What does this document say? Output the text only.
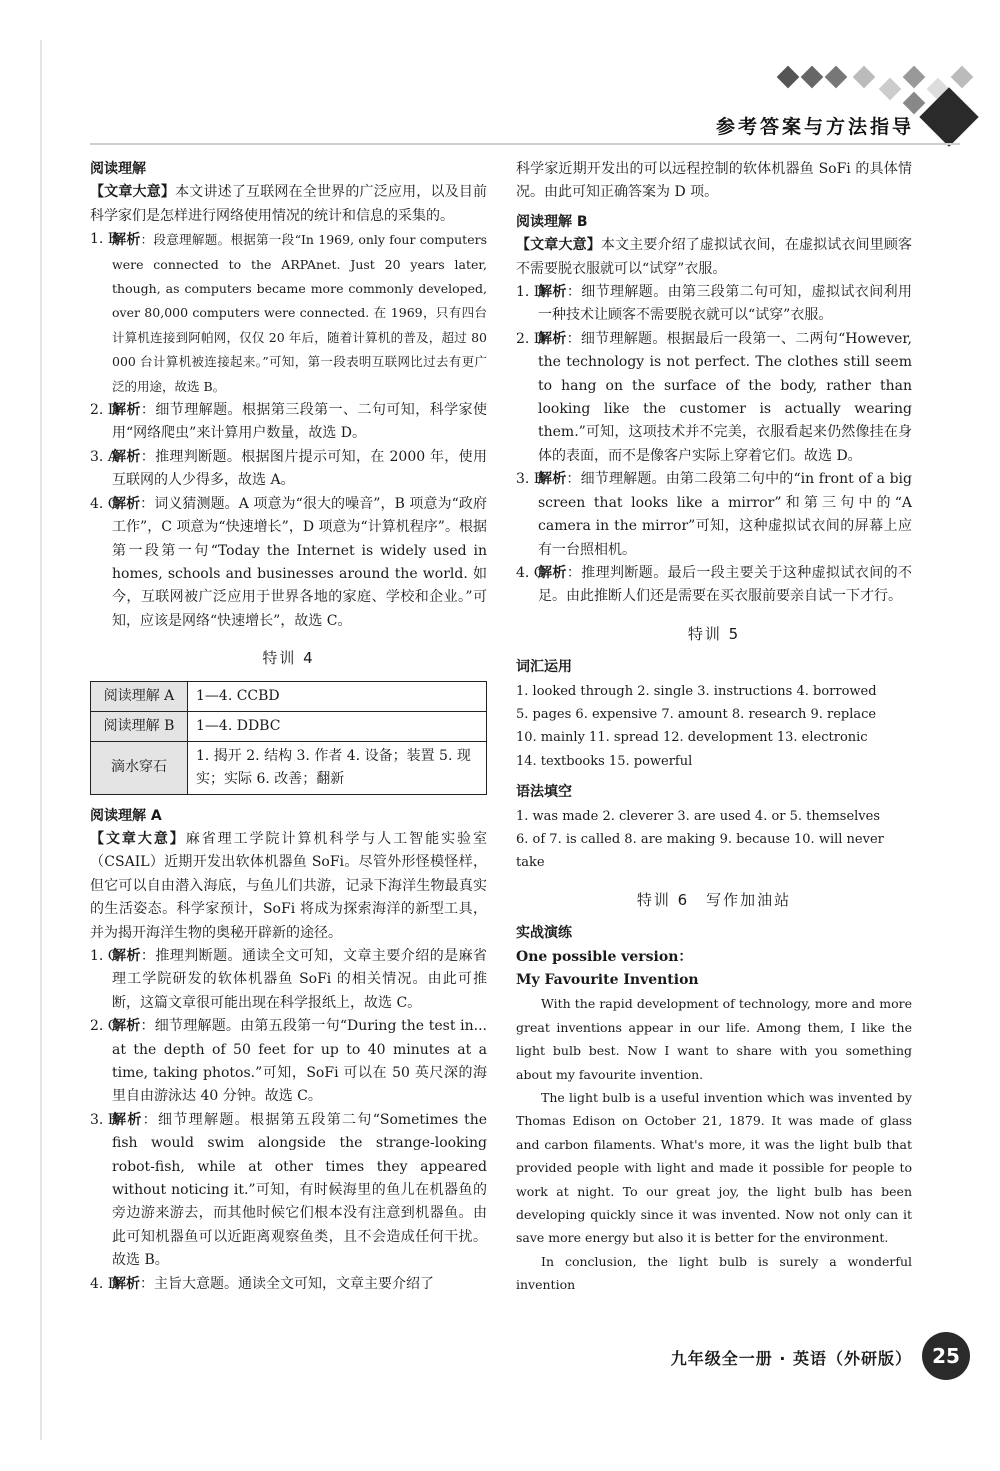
参考答案与方法指导

阅读理解

【文章大意】本文讲述了互联网在全世界的广泛应用，以及目前科学家们是怎样进行网络使用情况的统计和信息的采集的。

1. B
解析：段意理解题。根据第一段“In 1969, only four computers were connected to the ARPAnet. Just 20 years later, though, as computers became more commonly developed, over 80,000 computers were connected. 在 1969，只有四台计算机连接到阿帕网，仅仅 20 年后，随着计算机的普及，超过 80 000 台计算机被连接起来。”可知，第一段表明互联网比过去有更广泛的用途，故选 B。
2. D
解析：细节理解题。根据第三段第一、二句可知，科学家使用“网络爬虫”来计算用户数量，故选 D。
3. A
解析：推理判断题。根据图片提示可知，在 2000 年，使用互联网的人少得多，故选 A。
4. C
解析：词义猜测题。A 项意为“很大的噪音”，B 项意为“政府工作”，C 项意为“快速增长”，D 项意为“计算机程序”。根据第一段第一句“Today the Internet is widely used in homes, schools and businesses around the world. 如今，互联网被广泛应用于世界各地的家庭、学校和企业。”可知，应该是网络“快速增长”，故选 C。
特训 4
阅读理解 A	1—4. CCBD
阅读理解 B	1—4. DDBC
滴水穿石	1. 揭开 2. 结构 3. 作者 4. 设备；装置 5. 现实；实际 6. 改善；翻新

阅读理解 A

【文章大意】麻省理工学院计算机科学与人工智能实验室（CSAIL）近期开发出软体机器鱼 SoFi。尽管外形怪模怪样，但它可以自由潜入海底，与鱼儿们共游，记录下海洋生物最真实的生活姿态。科学家预计，SoFi 将成为探索海洋的新型工具，并为揭开海洋生物的奥秘开辟新的途径。

1. C
解析：推理判断题。通读全文可知，文章主要介绍的是麻省理工学院研发的软体机器鱼 SoFi 的相关情况。由此可推断，这篇文章很可能出现在科学报纸上，故选 C。
2. C
解析：细节理解题。由第五段第一句“During the test in... at the depth of 50 feet for up to 40 minutes at a time, taking photos.”可知，SoFi 可以在 50 英尺深的海里自由游泳达 40 分钟。故选 C。
3. B
解析：细节理解题。根据第五段第二句“Sometimes the fish would swim alongside the strange-looking robot-fish, while at other times they appeared without noticing it.”可知，有时候海里的鱼儿在机器鱼的旁边游来游去，而其他时候它们根本没有注意到机器鱼。由此可知机器鱼可以近距离观察鱼类，且不会造成任何干扰。故选 B。
4. D
解析：主旨大意题。通读全文可知，文章主要介绍了

科学家近期开发出的可以远程控制的软体机器鱼 SoFi 的具体情况。由此可知正确答案为 D 项。

阅读理解 B

【文章大意】本文主要介绍了虚拟试衣间，在虚拟试衣间里顾客不需要脱衣服就可以“试穿”衣服。

1. D
解析：细节理解题。由第三段第二句可知，虚拟试衣间利用一种技术让顾客不需要脱衣就可以“试穿”衣服。
2. D
解析：细节理解题。根据最后一段第一、二两句“However, the technology is not perfect. The clothes still seem to hang on the surface of the body, rather than looking like the customer is actually wearing them.”可知，这项技术并不完美，衣服看起来仍然像挂在身体的表面，而不是像客户实际上穿着它们。故选 D。
3. B
解析：细节理解题。由第二段第二句中的“in front of a big screen that looks like a mirror”和第三句中的“A camera in the mirror”可知，这种虚拟试衣间的屏幕上应有一台照相机。
4. C
解析：推理判断题。最后一段主要关于这种虚拟试衣间的不足。由此推断人们还是需要在买衣服前要亲自试一下才行。
特训 5

词汇运用

1. looked through 2. single 3. instructions 4. borrowed
5. pages 6. expensive 7. amount 8. research 9. replace
10. mainly 11. spread 12. development 13. electronic
14. textbooks 15. powerful

语法填空

1. was made 2. cleverer 3. are used 4. or 5. themselves
6. of 7. is called 8. are making 9. because 10. will never take
特训 6　写作加油站

实战演练

One possible version：

My Favourite Invention

With the rapid development of technology, more and more great inventions appear in our life. Among them, I like the light bulb best. Now I want to share with you something about my favourite invention.

The light bulb is a useful invention which was invented by Thomas Edison on October 21, 1879. It was made of glass and carbon filaments. What's more, it was the light bulb that provided people with light and made it possible for people to work at night. To our great joy, the light bulb has been developing quickly since it was invented. Now not only can it save more energy but also it is better for the environment.

In conclusion, the light bulb is surely a wonderful invention

九年级全一册 · 英语（外研版）	25
